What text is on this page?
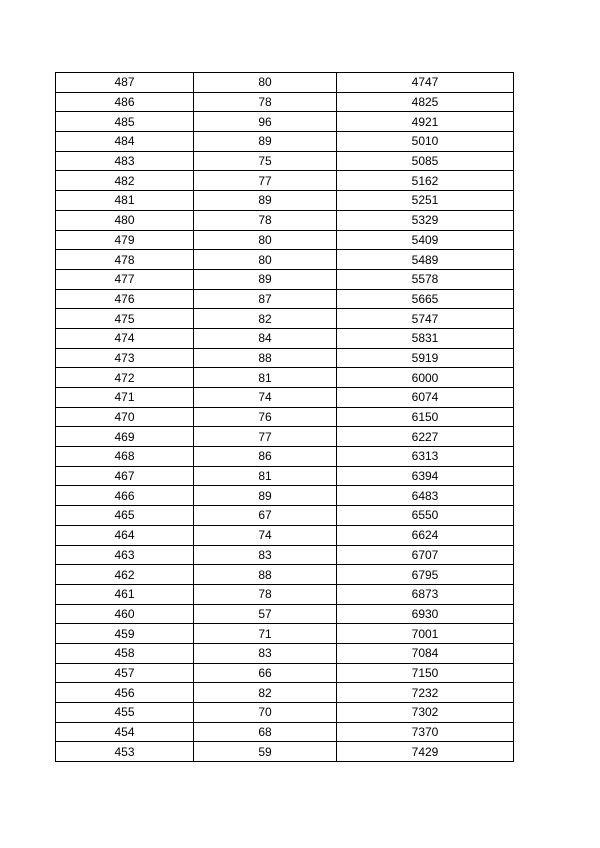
487	80	4747
486	78	4825
485	96	4921
484	89	5010
483	75	5085
482	77	5162
481	89	5251
480	78	5329
479	80	5409
478	80	5489
477	89	5578
476	87	5665
475	82	5747
474	84	5831
473	88	5919
472	81	6000
471	74	6074
470	76	6150
469	77	6227
468	86	6313
467	81	6394
466	89	6483
465	67	6550
464	74	6624
463	83	6707
462	88	6795
461	78	6873
460	57	6930
459	71	7001
458	83	7084
457	66	7150
456	82	7232
455	70	7302
454	68	7370
453	59	7429
